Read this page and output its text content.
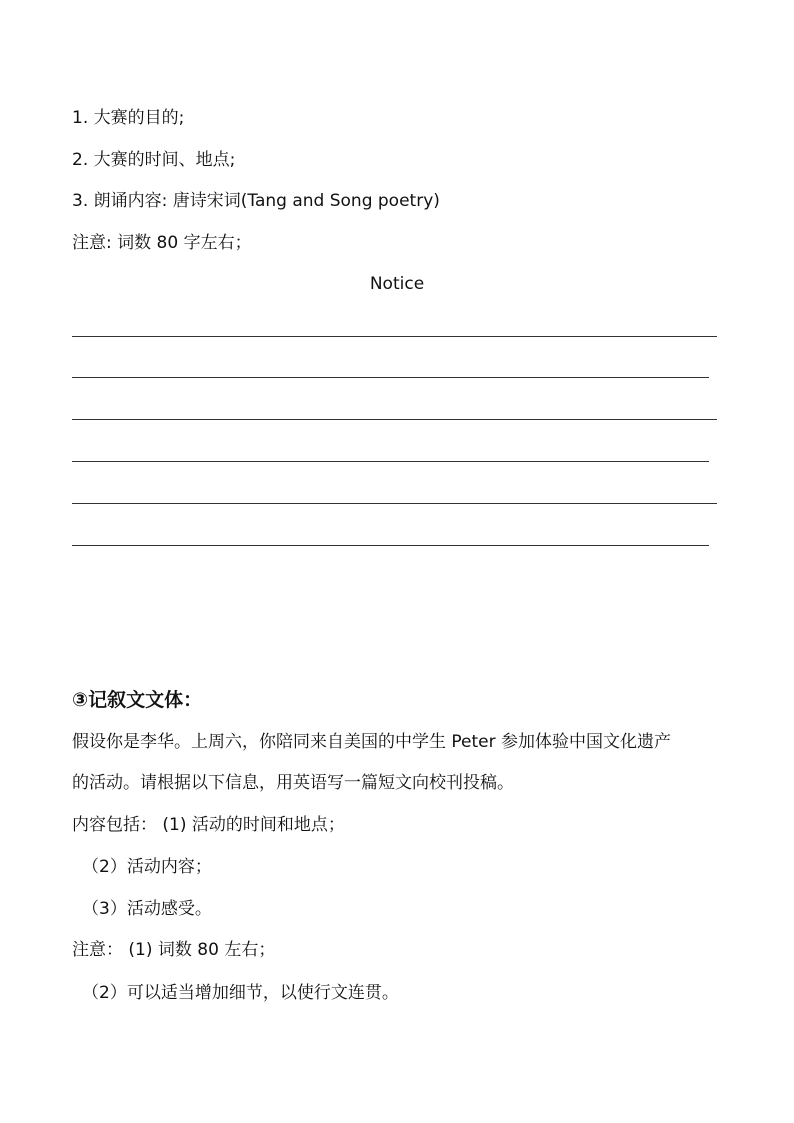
1. 大赛的目的;
2. 大赛的时间、地点;
3. 朗诵内容: 唐诗宋词(Tang and Song poetry)
注意: 词数 80 字左右；
Notice
③记叙文文体：
假设你是李华。上周六，你陪同来自美国的中学生 Peter 参加体验中国文化遗产
的活动。请根据以下信息，用英语写一篇短文向校刊投稿。
内容包括： (1) 活动的时间和地点；
（2）活动内容；
（3）活动感受。
注意： (1) 词数 80 左右；
（2）可以适当增加细节，以使行文连贯。
